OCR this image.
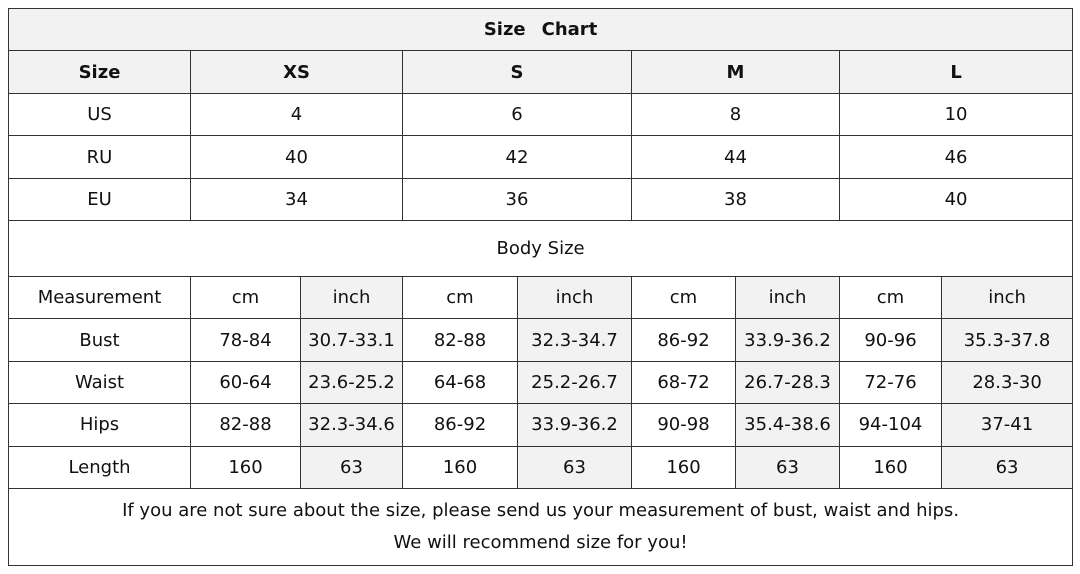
Size Chart								
Size	XS		S		M		L	
US	4		6		8		10	
RU	40		42		44		46	
EU	34		36		38		40	
Body Size								
Measurement	cm	inch	cm	inch	cm	inch	cm	inch
Bust	78-84	30.7-33.1	82-88	32.3-34.7	86-92	33.9-36.2	90-96	35.3-37.8
Waist	60-64	23.6-25.2	64-68	25.2-26.7	68-72	26.7-28.3	72-76	28.3-30
Hips	82-88	32.3-34.6	86-92	33.9-36.2	90-98	35.4-38.6	94-104	37-41
Length	160	63	160	63	160	63	160	63

If you are not sure about the size, please send us your measurement of bust, waist and hips.
We will recommend size for you!								
